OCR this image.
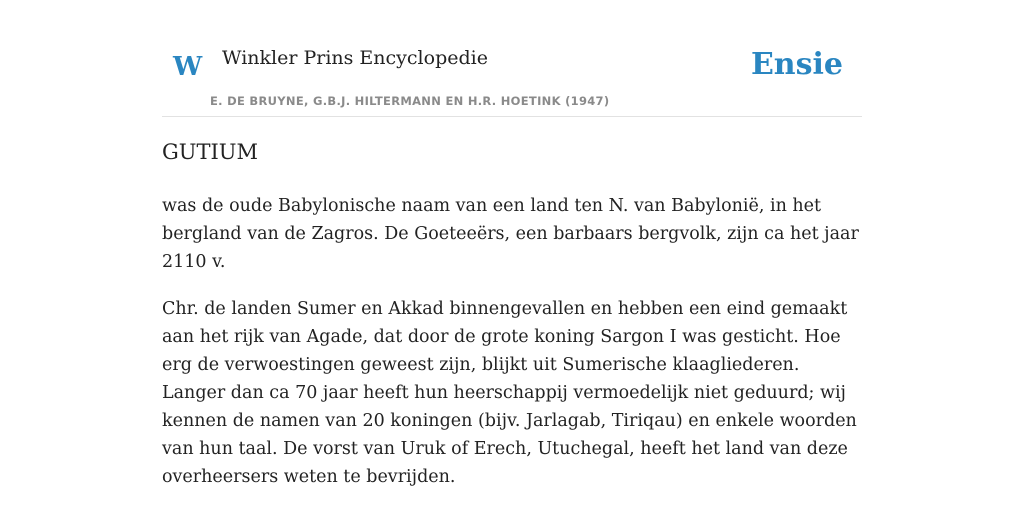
W Winkler Prins Encyclopedie
E. DE BRUYNE, G.B.J. HILTERMANN EN H.R. HOETINK (1947)
Ensie
GUTIUM

was de oude Babylonische naam van een land ten N. van Babylonië, in het bergland van de Zagros. De Goeteeërs, een barbaars bergvolk, zijn ca het jaar 2110 v.

Chr. de landen Sumer en Akkad binnengevallen en hebben een eind gemaakt aan het rijk van Agade, dat door de grote koning Sargon I was gesticht. Hoe erg de verwoestingen geweest zijn, blijkt uit Sumerische klaagliederen. Langer dan ca 70 jaar heeft hun heerschappij vermoedelijk niet geduurd; wij kennen de namen van 20 koningen (bijv. Jarlagab, Tiriqau) en enkele woorden van hun taal. De vorst van Uruk of Erech, Utuchegal, heeft het land van deze overheersers weten te bevrijden.
